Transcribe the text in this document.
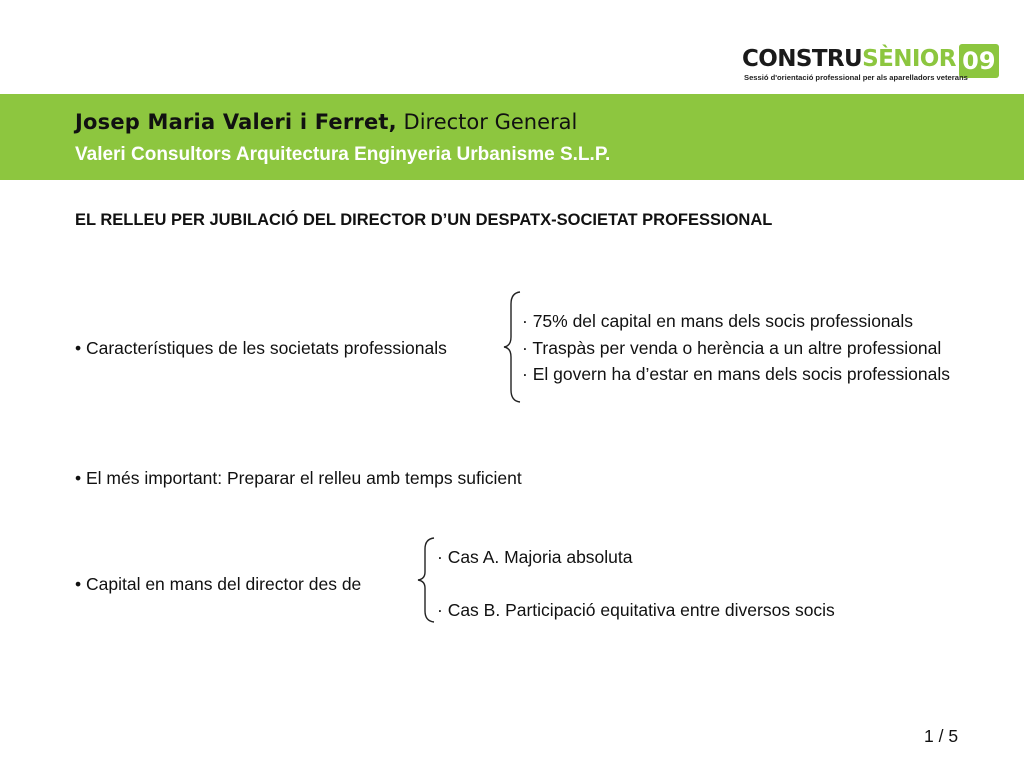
CONSTRUSÈNIOR 09
Sessió d'orientació professional per als aparelladors veterans
Josep Maria Valeri i Ferret, Director General
Valeri Consultors Arquitectura Enginyeria Urbanisme S.L.P.
EL RELLEU PER JUBILACIÓ DEL DIRECTOR D’UN DESPATX-SOCIETAT PROFESSIONAL
• Característiques de les societats professionals
· 75% del capital en mans dels socis professionals
· Traspàs per venda o herència a un altre professional
· El govern ha d’estar en mans dels socis professionals
• El més important: Preparar el relleu amb temps suficient
• Capital en mans del director des de
· Cas A. Majoria absoluta
· Cas B. Participació equitativa entre diversos socis
1 / 5
